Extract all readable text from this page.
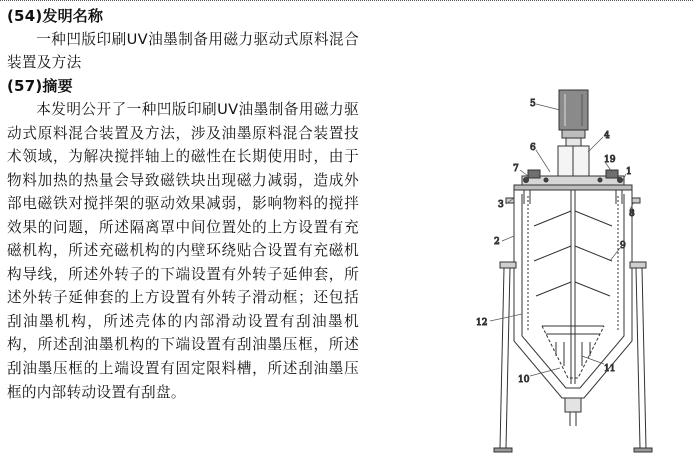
(54)发明名称

一种凹版印刷UV油墨制备用磁力驱动式原料混合装置及方法

(57)摘要

本发明公开了一种凹版印刷UV油墨制备用磁力驱动式原料混合装置及方法，涉及油墨原料混合装置技术领域，为解决搅拌轴上的磁性在长期使用时，由于物料加热的热量会导致磁铁块出现磁力减弱，造成外部电磁铁对搅拌架的驱动效果减弱，影响物料的搅拌效果的问题，所述隔离罩中间位置处的上方设置有充磁机构，所述充磁机构的内壁环绕贴合设置有充磁机构导线，所述外转子的下端设置有外转子延伸套，所述外转子延伸套的上方设置有外转子滑动框；还包括刮油墨机构，所述壳体的内部滑动设置有刮油墨机构，所述刮油墨机构的下端设置有刮油墨压框，所述刮油墨压框的上端设置有固定限料槽，所述刮油墨压框的内部转动设置有刮盘。

5
4
6
7
19
1
3
8
2	9
12
10
11
